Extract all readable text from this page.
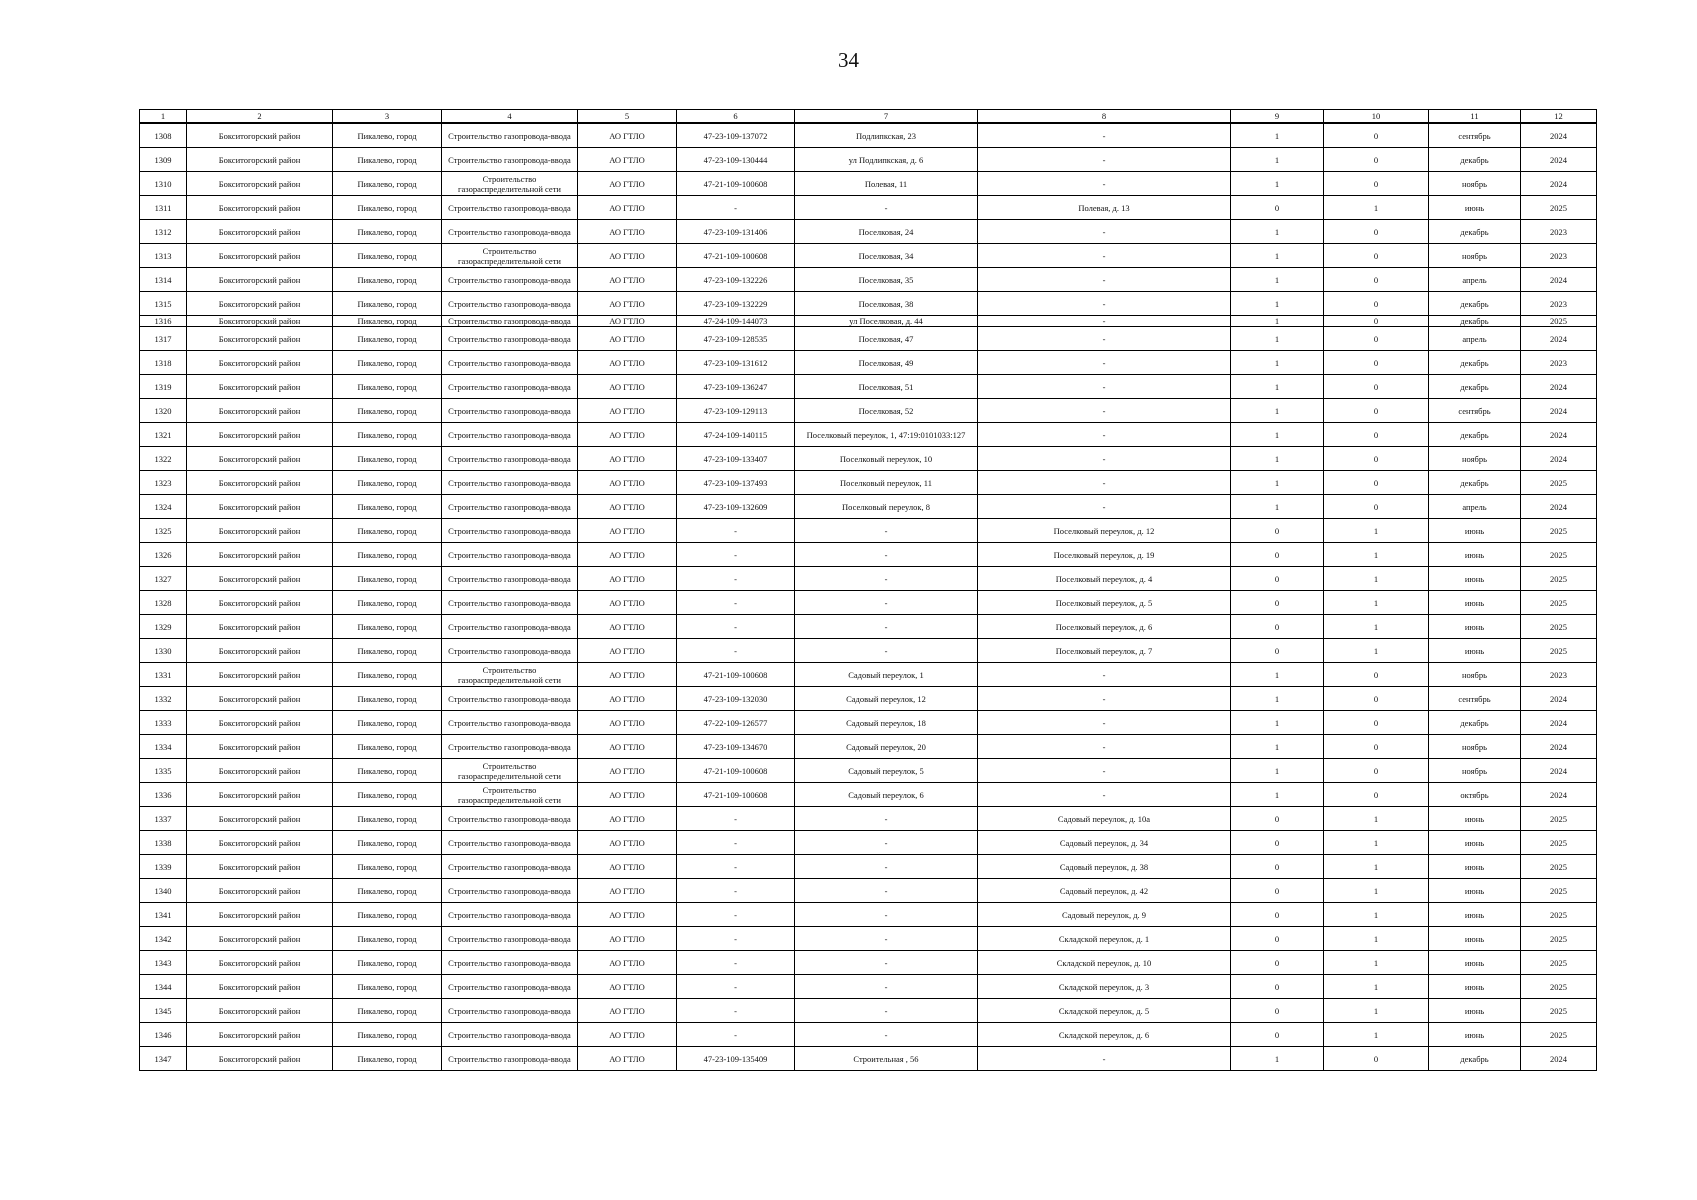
34
1	2	3	4	5	6	7	8	9	10	11	12
1308	Бокситогорский район	Пикалево, город	Строительство газопровода-ввода	АО ГТЛО	47-23-109-137072	Подлипкская, 23	-	1	0	сентябрь	2024
1309	Бокситогорский район	Пикалево, город	Строительство газопровода-ввода	АО ГТЛО	47-23-109-130444	ул Подлипкская, д. 6	-	1	0	декабрь	2024
1310	Бокситогорский район	Пикалево, город	Строительство газораспределительной сети	АО ГТЛО	47-21-109-100608	Полевая, 11	-	1	0	ноябрь	2024
1311	Бокситогорский район	Пикалево, город	Строительство газопровода-ввода	АО ГТЛО	-	-	Полевая, д. 13	0	1	июнь	2025
1312	Бокситогорский район	Пикалево, город	Строительство газопровода-ввода	АО ГТЛО	47-23-109-131406	Поселковая, 24	-	1	0	декабрь	2023
1313	Бокситогорский район	Пикалево, город	Строительство газораспределительной сети	АО ГТЛО	47-21-109-100608	Поселковая, 34	-	1	0	ноябрь	2023
1314	Бокситогорский район	Пикалево, город	Строительство газопровода-ввода	АО ГТЛО	47-23-109-132226	Поселковая, 35	-	1	0	апрель	2024
1315	Бокситогорский район	Пикалево, город	Строительство газопровода-ввода	АО ГТЛО	47-23-109-132229	Поселковая, 38	-	1	0	декабрь	2023
1316	Бокситогорский район	Пикалево, город	Строительство газопровода-ввода	АО ГТЛО	47-24-109-144073	ул Поселковая, д. 44	-	1	0	декабрь	2025
1317	Бокситогорский район	Пикалево, город	Строительство газопровода-ввода	АО ГТЛО	47-23-109-128535	Поселковая, 47	-	1	0	апрель	2024
1318	Бокситогорский район	Пикалево, город	Строительство газопровода-ввода	АО ГТЛО	47-23-109-131612	Поселковая, 49	-	1	0	декабрь	2023
1319	Бокситогорский район	Пикалево, город	Строительство газопровода-ввода	АО ГТЛО	47-23-109-136247	Поселковая, 51	-	1	0	декабрь	2024
1320	Бокситогорский район	Пикалево, город	Строительство газопровода-ввода	АО ГТЛО	47-23-109-129113	Поселковая, 52	-	1	0	сентябрь	2024
1321	Бокситогорский район	Пикалево, город	Строительство газопровода-ввода	АО ГТЛО	47-24-109-140115	Поселковый переулок, 1, 47:19:0101033:127	-	1	0	декабрь	2024
1322	Бокситогорский район	Пикалево, город	Строительство газопровода-ввода	АО ГТЛО	47-23-109-133407	Поселковый переулок, 10	-	1	0	ноябрь	2024
1323	Бокситогорский район	Пикалево, город	Строительство газопровода-ввода	АО ГТЛО	47-23-109-137493	Поселковый переулок, 11	-	1	0	декабрь	2025
1324	Бокситогорский район	Пикалево, город	Строительство газопровода-ввода	АО ГТЛО	47-23-109-132609	Поселковый переулок, 8	-	1	0	апрель	2024
1325	Бокситогорский район	Пикалево, город	Строительство газопровода-ввода	АО ГТЛО	-	-	Поселковый переулок, д. 12	0	1	июнь	2025
1326	Бокситогорский район	Пикалево, город	Строительство газопровода-ввода	АО ГТЛО	-	-	Поселковый переулок, д. 19	0	1	июнь	2025
1327	Бокситогорский район	Пикалево, город	Строительство газопровода-ввода	АО ГТЛО	-	-	Поселковый переулок, д. 4	0	1	июнь	2025
1328	Бокситогорский район	Пикалево, город	Строительство газопровода-ввода	АО ГТЛО	-	-	Поселковый переулок, д. 5	0	1	июнь	2025
1329	Бокситогорский район	Пикалево, город	Строительство газопровода-ввода	АО ГТЛО	-	-	Поселковый переулок, д. 6	0	1	июнь	2025
1330	Бокситогорский район	Пикалево, город	Строительство газопровода-ввода	АО ГТЛО	-	-	Поселковый переулок, д. 7	0	1	июнь	2025
1331	Бокситогорский район	Пикалево, город	Строительство газораспределительной сети	АО ГТЛО	47-21-109-100608	Садовый переулок, 1	-	1	0	ноябрь	2023
1332	Бокситогорский район	Пикалево, город	Строительство газопровода-ввода	АО ГТЛО	47-23-109-132030	Садовый переулок, 12	-	1	0	сентябрь	2024
1333	Бокситогорский район	Пикалево, город	Строительство газопровода-ввода	АО ГТЛО	47-22-109-126577	Садовый переулок, 18	-	1	0	декабрь	2024
1334	Бокситогорский район	Пикалево, город	Строительство газопровода-ввода	АО ГТЛО	47-23-109-134670	Садовый переулок, 20	-	1	0	ноябрь	2024
1335	Бокситогорский район	Пикалево, город	Строительство газораспределительной сети	АО ГТЛО	47-21-109-100608	Садовый переулок, 5	-	1	0	ноябрь	2024
1336	Бокситогорский район	Пикалево, город	Строительство газораспределительной сети	АО ГТЛО	47-21-109-100608	Садовый переулок, 6	-	1	0	октябрь	2024
1337	Бокситогорский район	Пикалево, город	Строительство газопровода-ввода	АО ГТЛО	-	-	Садовый переулок, д. 10а	0	1	июнь	2025
1338	Бокситогорский район	Пикалево, город	Строительство газопровода-ввода	АО ГТЛО	-	-	Садовый переулок, д. 34	0	1	июнь	2025
1339	Бокситогорский район	Пикалево, город	Строительство газопровода-ввода	АО ГТЛО	-	-	Садовый переулок, д. 38	0	1	июнь	2025
1340	Бокситогорский район	Пикалево, город	Строительство газопровода-ввода	АО ГТЛО	-	-	Садовый переулок, д. 42	0	1	июнь	2025
1341	Бокситогорский район	Пикалево, город	Строительство газопровода-ввода	АО ГТЛО	-	-	Садовый переулок, д. 9	0	1	июнь	2025
1342	Бокситогорский район	Пикалево, город	Строительство газопровода-ввода	АО ГТЛО	-	-	Складской переулок, д. 1	0	1	июнь	2025
1343	Бокситогорский район	Пикалево, город	Строительство газопровода-ввода	АО ГТЛО	-	-	Складской переулок, д. 10	0	1	июнь	2025
1344	Бокситогорский район	Пикалево, город	Строительство газопровода-ввода	АО ГТЛО	-	-	Складской переулок, д. 3	0	1	июнь	2025
1345	Бокситогорский район	Пикалево, город	Строительство газопровода-ввода	АО ГТЛО	-	-	Складской переулок, д. 5	0	1	июнь	2025
1346	Бокситогорский район	Пикалево, город	Строительство газопровода-ввода	АО ГТЛО	-	-	Складской переулок, д. 6	0	1	июнь	2025
1347	Бокситогорский район	Пикалево, город	Строительство газопровода-ввода	АО ГТЛО	47-23-109-135409	Строительная , 56	-	1	0	декабрь	2024
